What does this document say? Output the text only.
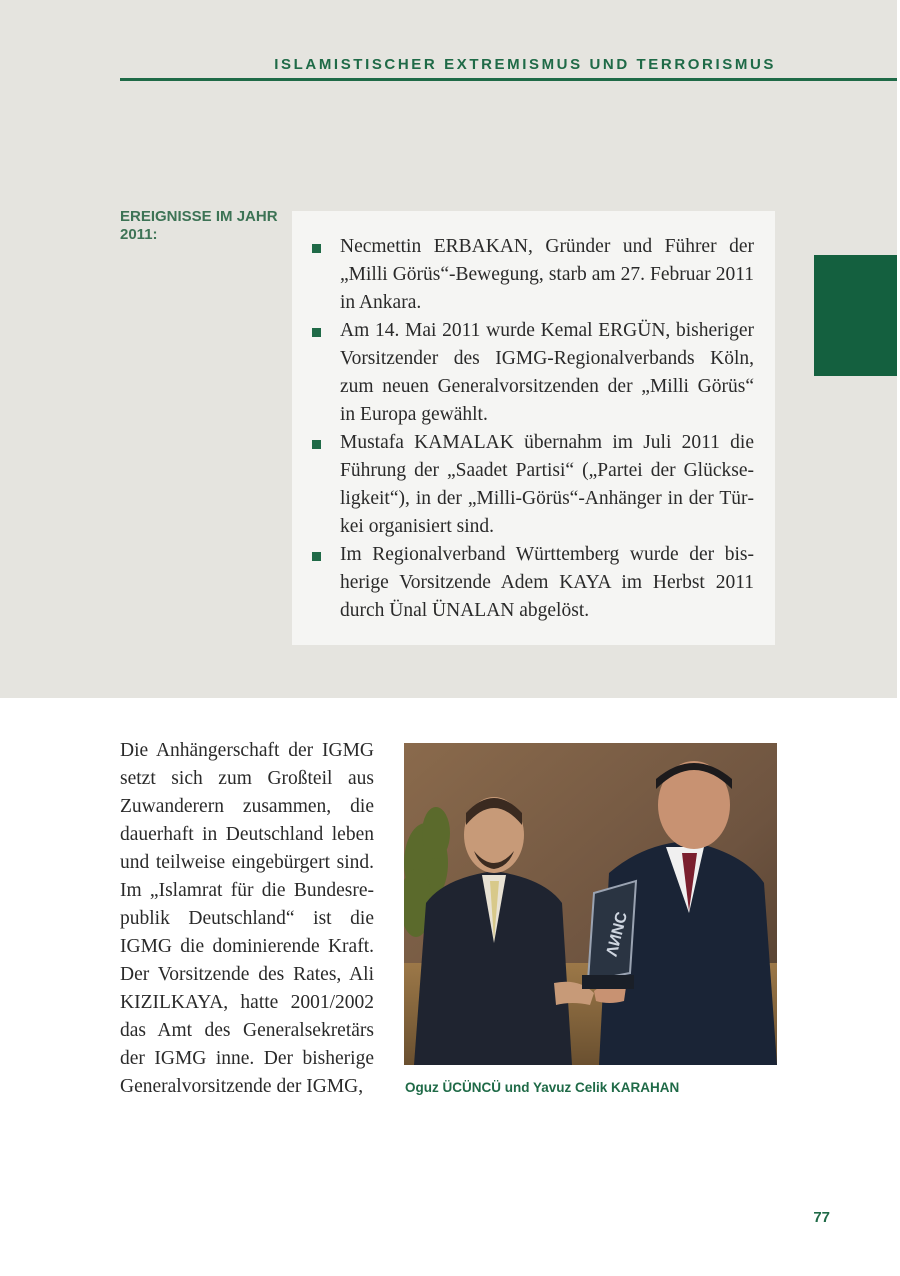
ISLAMISTISCHER EXTREMISMUS UND TERRORISMUS
EREIGNISSE IM JAHR 2011:
Necmettin ERBAKAN, Gründer und Führer der „Milli Görüs“-Bewegung, starb am 27. Februar 2011 in Ankara.
Am 14. Mai 2011 wurde Kemal ERGÜN, bisheriger Vorsitzender des IGMG-Regionalverbands Köln, zum neuen Generalvorsitzenden der „Milli Görüs“ in Europa gewählt.
Mustafa KAMALAK übernahm im Juli 2011 die Führung der „Saadet Partisi“ („Partei der Glückseligkeit“), in der „Milli-Görüs“-Anhänger in der Türkei organisiert sind.
Im Regionalverband Württemberg wurde der bisherige Vorsitzende Adem KAYA im Herbst 2011 durch Ünal ÜNALAN abgelöst.
Die Anhängerschaft der IGMG setzt sich zum Großteil aus Zuwanderern zusammen, die dauerhaft in Deutschland leben und teilweise eingebürgert sind. Im „Islamrat für die Bundesrepublik Deutschland“ ist die IGMG die dominierende Kraft. Der Vorsitzende des Rates, Ali KIZILKAYA, hatte 2001/2002 das Amt des Generalsekretärs der IGMG inne. Der bisherige Generalvorsitzende der IGMG,
ΛИNC
Oguz ÜCÜNCÜ und Yavuz Celik KARAHAN
77
